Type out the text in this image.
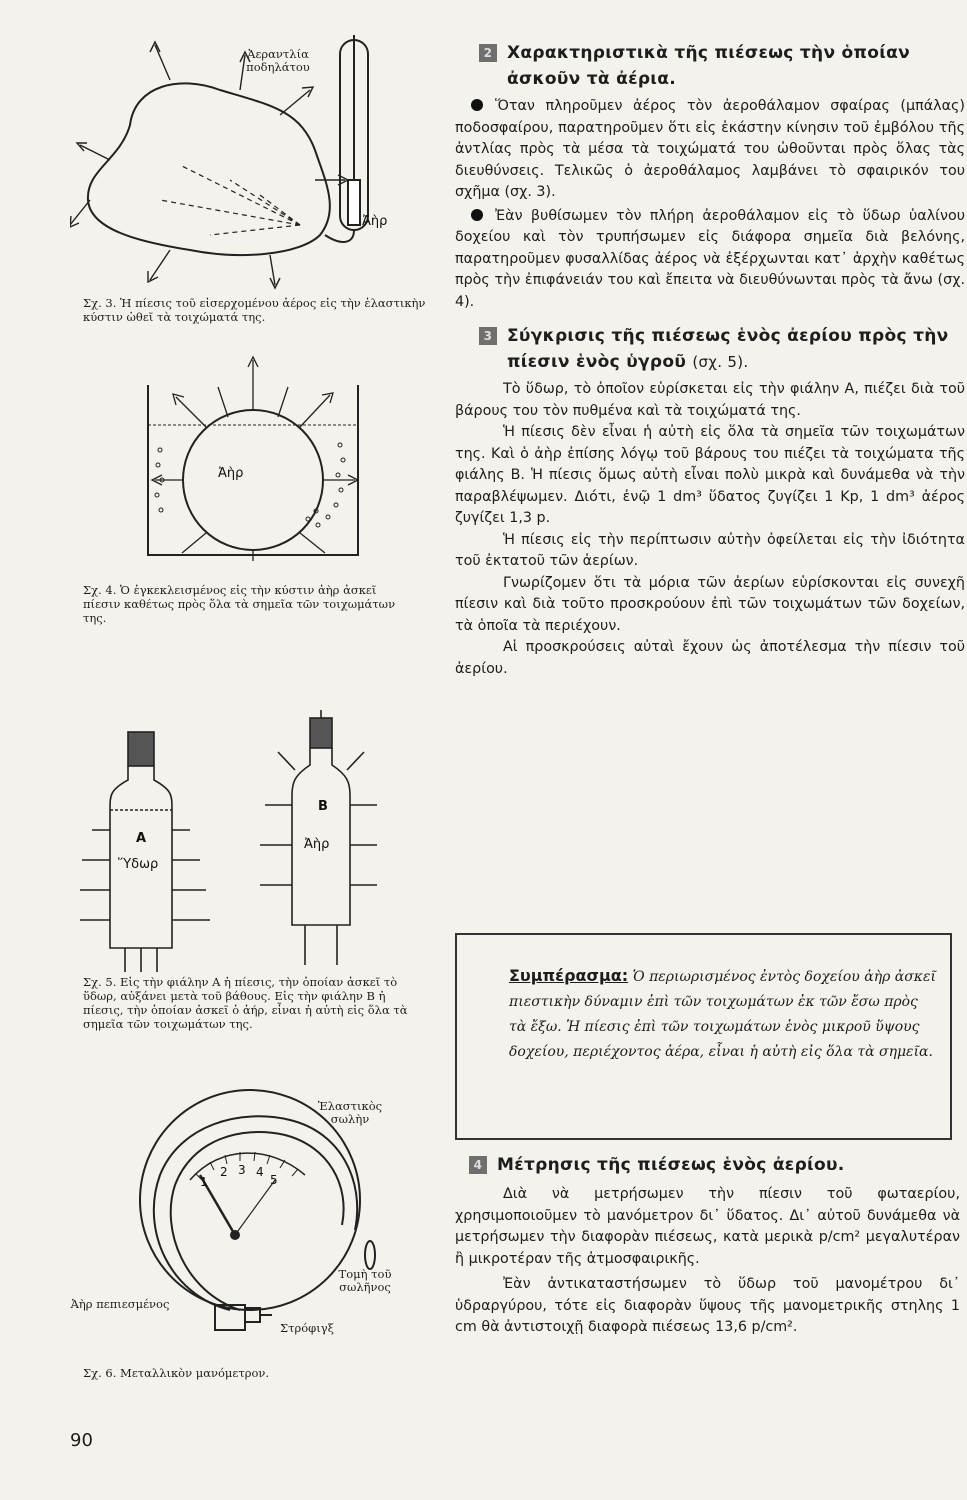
Ἀὴρ
Ἀεραντλία ποδηλάτου
Σχ. 3. Ἡ πίεσις τοῦ εἰσερχομένου ἀέρος εἰς τὴν ἐλαστικὴν κύστιν ὠθεῖ τὰ τοιχώματά της.
Ἀὴρ
Σχ. 4. Ὁ ἐγκεκλεισμένος εἰς τὴν κύστιν ἀὴρ ἀσκεῖ πίεσιν καθέτως πρὸς ὅλα τὰ σημεῖα τῶν τοιχωμάτων της.
A
Ὕδωρ
B
Ἀὴρ
Σχ. 5. Εἰς τὴν φιάλην Α ἡ πίεσις, τὴν ὁποίαν ἀσκεῖ τὸ ὕδωρ, αὐξάνει μετὰ τοῦ βάθους. Εἰς τὴν φιάλην Β ἡ πίεσις, τὴν ὁποίαν ἀσκεῖ ὁ ἀήρ, εἶναι ἡ αὐτὴ εἰς ὅλα τὰ σημεῖα τῶν τοιχωμάτων της.
1
2 3 4
5
Ἐλαστικὸς σωλὴν
Τομὴ τοῦ σωλῆνος
Ἀὴρ πεπιεσμένος
Στρόφιγξ
Σχ. 6. Μεταλλικὸν μανόμετρον.
2 Χαρακτηριστικὰ τῆς πιέσεως τὴν ὁποίαν ἀσκοῦν τὰ ἀέρια.

Ὅταν πληροῦμεν ἀέρος τὸν ἀεροθάλαμον σφαίρας (μπάλας) ποδοσφαίρου, παρατηροῦμεν ὅτι εἰς ἑκάστην κίνησιν τοῦ ἐμβόλου τῆς ἀντλίας πρὸς τὰ μέσα τὰ τοιχώματά του ὠθοῦνται πρὸς ὅλας τὰς διευθύνσεις. Τελικῶς ὁ ἀεροθάλαμος λαμβάνει τὸ σφαιρικόν του σχῆμα (σχ. 3).

Ἐὰν βυθίσωμεν τὸν πλήρη ἀεροθάλαμον εἰς τὸ ὕδωρ ὑαλίνου δοχείου καὶ τὸν τρυπήσωμεν εἰς διάφορα σημεῖα διὰ βελόνης, παρατηροῦμεν φυσαλλίδας ἀέρος νὰ ἐξέρχωνται κατ᾽ ἀρχὴν καθέτως πρὸς τὴν ἐπιφάνειάν του καὶ ἔπειτα νὰ διευθύνωνται πρὸς τὰ ἄνω (σχ. 4).

3 Σύγκρισις τῆς πιέσεως ἑνὸς ἀερίου πρὸς τὴν πίεσιν ἑνὸς ὑγροῦ (σχ. 5).

Τὸ ὕδωρ, τὸ ὁποῖον εὑρίσκεται εἰς τὴν φιάλην Α, πιέζει διὰ τοῦ βάρους του τὸν πυθμένα καὶ τὰ τοιχώματά της.

Ἡ πίεσις δὲν εἶναι ἡ αὐτὴ εἰς ὅλα τὰ σημεῖα τῶν τοιχωμάτων της. Καὶ ὁ ἀὴρ ἐπίσης λόγῳ τοῦ βάρους του πιέζει τὰ τοιχώματα τῆς φιάλης Β. Ἡ πίεσις ὅμως αὐτὴ εἶναι πολὺ μικρὰ καὶ δυνάμεθα νὰ τὴν παραβλέψωμεν. Διότι, ἐνῷ 1 dm³ ὕδατος ζυγίζει 1 Kp, 1 dm³ ἀέρος ζυγίζει 1,3 p.

Ἡ πίεσις εἰς τὴν περίπτωσιν αὐτὴν ὀφείλεται εἰς τὴν ἰδιότητα τοῦ ἐκτατοῦ τῶν ἀερίων.

Γνωρίζομεν ὅτι τὰ μόρια τῶν ἀερίων εὑρίσκονται εἰς συνεχῆ πίεσιν καὶ διὰ τοῦτο προσκρούουν ἐπὶ τῶν τοιχωμάτων τῶν δοχείων, τὰ ὁποῖα τὰ περιέχουν.

Αἱ προσκρούσεις αὐταὶ ἔχουν ὡς ἀποτέλεσμα τὴν πίεσιν τοῦ ἀερίου.

Συμπέρασμα: Ὁ περιωρισμένος ἐντὸς δοχείου ἀὴρ ἀσκεῖ πιεστικὴν δύναμιν ἐπὶ τῶν τοιχωμάτων ἐκ τῶν ἔσω πρὸς τὰ ἔξω. Ἡ πίεσις ἐπὶ τῶν τοιχωμάτων ἑνὸς μικροῦ ὕψους δοχείου, περιέχοντος ἀέρα, εἶναι ἡ αὐτὴ εἰς ὅλα τὰ σημεῖα.
4 Μέτρησις τῆς πιέσεως ἑνὸς ἀερίου.

Διὰ νὰ μετρήσωμεν τὴν πίεσιν τοῦ φωταερίου, χρησιμοποιοῦμεν τὸ μανόμετρον δι᾽ ὕδατος. Δι᾽ αὐτοῦ δυνάμεθα νὰ μετρήσωμεν τὴν διαφορὰν πιέσεως, κατὰ μερικὰ p/cm² μεγαλυτέραν ἢ μικροτέραν τῆς ἀτμοσφαιρικῆς.

Ἐὰν ἀντικαταστήσωμεν τὸ ὕδωρ τοῦ μανομέτρου δι᾽ ὑδραργύρου, τότε εἰς διαφορὰν ὕψους τῆς μανομετρικῆς στηλης 1 cm θὰ ἀντιστοιχῇ διαφορὰ πιέσεως 13,6 p/cm².

90
